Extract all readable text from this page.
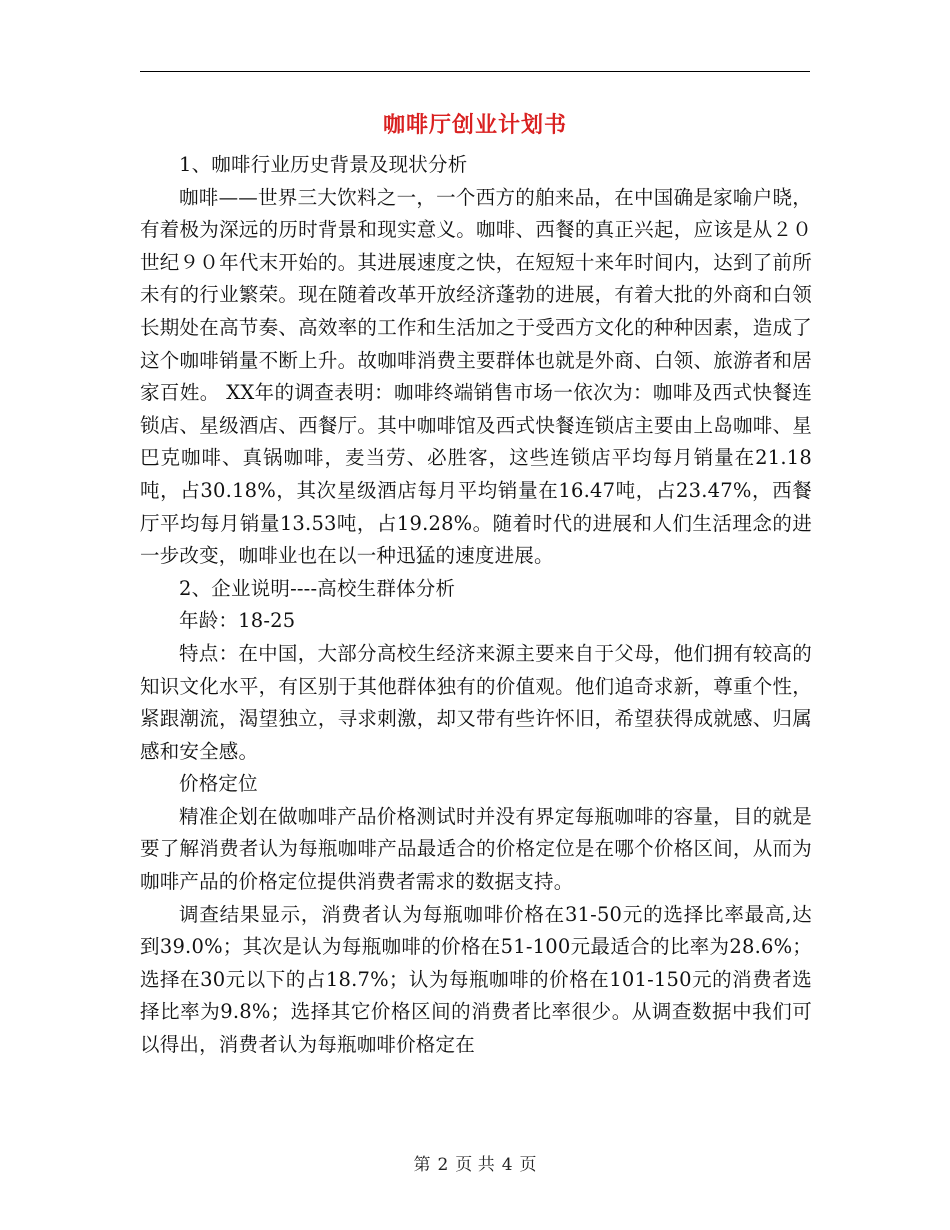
咖啡厅创业计划书

1、咖啡行业历史背景及现状分析

咖啡——世界三大饮料之一，一个西方的舶来品，在中国确是家喻户晓，有着极为深远的历时背景和现实意义。咖啡、西餐的真正兴起，应该是从２０世纪９０年代末开始的。其进展速度之快，在短短十来年时间内，达到了前所未有的行业繁荣。现在随着改革开放经济蓬勃的进展，有着大批的外商和白领长期处在高节奏、高效率的工作和生活加之于受西方文化的种种因素，造成了这个咖啡销量不断上升。故咖啡消费主要群体也就是外商、白领、旅游者和居家百姓。 XX年的调查表明：咖啡终端销售市场一依次为：咖啡及西式快餐连锁店、星级酒店、西餐厅。其中咖啡馆及西式快餐连锁店主要由上岛咖啡、星巴克咖啡、真锅咖啡，麦当劳、必胜客，这些连锁店平均每月销量在21.18吨，占30.18%，其次星级酒店每月平均销量在16.47吨，占23.47%，西餐厅平均每月销量13.53吨，占19.28%。随着时代的进展和人们生活理念的进一步改变，咖啡业也在以一种迅猛的速度进展。

2、企业说明----高校生群体分析

年龄：18-25

特点：在中国，大部分高校生经济来源主要来自于父母，他们拥有较高的知识文化水平，有区别于其他群体独有的价值观。他们追奇求新，尊重个性，紧跟潮流，渴望独立，寻求刺激，却又带有些许怀旧，希望获得成就感、归属感和安全感。

价格定位

精准企划在做咖啡产品价格测试时并没有界定每瓶咖啡的容量，目的就是要了解消费者认为每瓶咖啡产品最适合的价格定位是在哪个价格区间，从而为咖啡产品的价格定位提供消费者需求的数据支持。

调查结果显示，消费者认为每瓶咖啡价格在31-50元的选择比率最高,达到39.0%；其次是认为每瓶咖啡的价格在51-100元最适合的比率为28.6%；选择在30元以下的占18.7%；认为每瓶咖啡的价格在101-150元的消费者选择比率为9.8%；选择其它价格区间的消费者比率很少。从调查数据中我们可以得出，消费者认为每瓶咖啡价格定在

第 2 页 共 4 页
